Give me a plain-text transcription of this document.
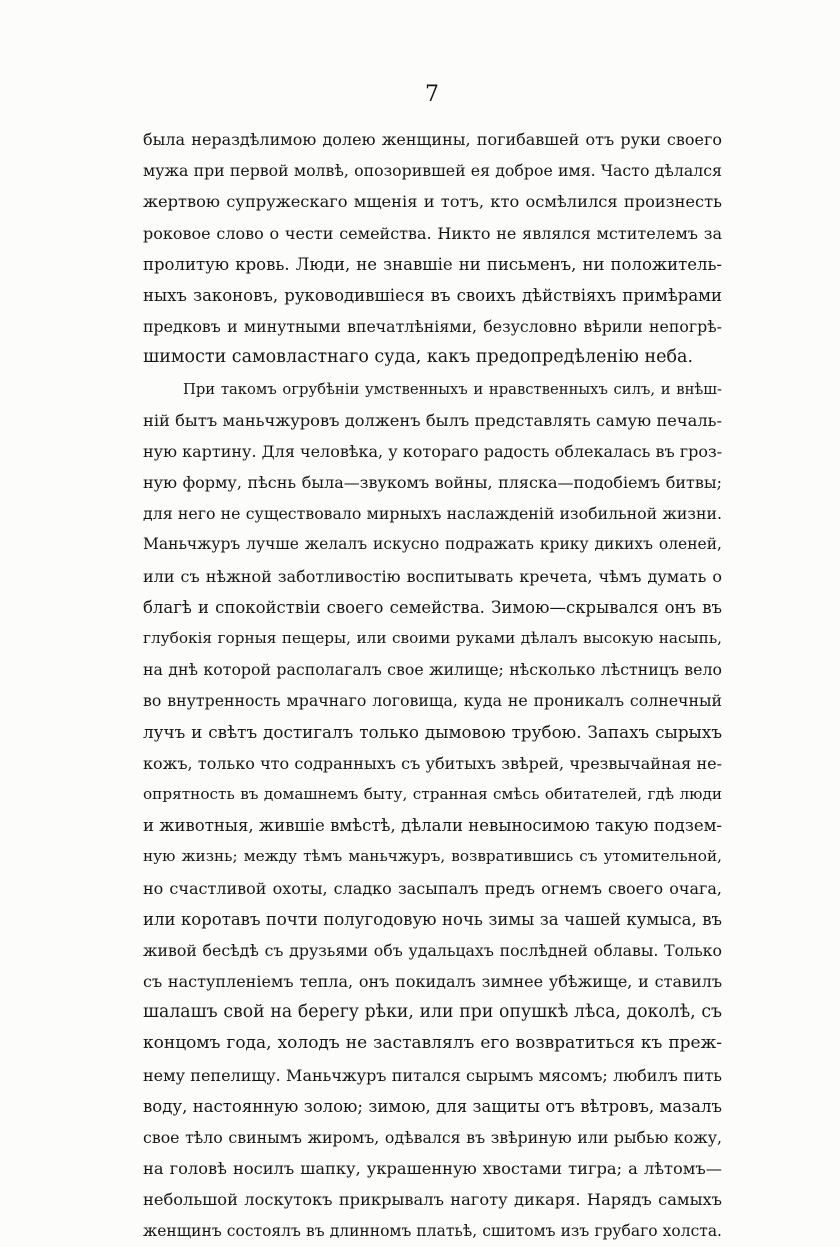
7
была нераздѣлимою долею женщины, погибавшей отъ руки своего
мужа при первой молвѣ, опозорившей ея доброе имя. Часто дѣлался
жертвою супружескаго мщенія и тотъ, кто осмѣлился произнесть
роковое слово о чести семейства. Никто не являлся мстителемъ за
пролитую кровь. Люди, не знавшіе ни письменъ, ни положитель-
ныхъ законовъ, руководившіеся въ своихъ дѣйствіяхъ примѣрами
предковъ и минутными впечатлѣніями, безусловно вѣрили непогрѣ-
шимости самовластнаго суда, какъ предопредѣленію неба.
При такомъ огрубѣніи умственныхъ и нравственныхъ силъ, и внѣш-
ній бытъ маньчжуровъ долженъ былъ представлять самую печаль-
ную картину. Для человѣка, у котораго радость облекалась въ гроз-
ную форму, пѣснь была—звукомъ войны, пляска—подобіемъ битвы;
для него не существовало мирныхъ наслажденій изобильной жизни.
Маньчжуръ лучше желалъ искусно подражать крику дикихъ оленей,
или съ нѣжной заботливостію воспитывать кречета, чѣмъ думать о
благѣ и спокойствіи своего семейства. Зимою—скрывался онъ въ
глубокія горныя пещеры, или своими руками дѣлалъ высокую насыпь,
на днѣ которой располагалъ свое жилище; нѣсколько лѣстницъ вело
во внутренность мрачнаго логовища, куда не проникалъ солнечный
лучъ и свѣтъ достигалъ только дымовою трубою. Запахъ сырыхъ
кожъ, только что содранныхъ съ убитыхъ звѣрей, чрезвычайная не-
опрятность въ домашнемъ быту, странная смѣсь обитателей, гдѣ люди
и животныя, жившіе вмѣстѣ, дѣлали невыносимою такую подзем-
ную жизнь; между тѣмъ маньчжуръ, возвратившись съ утомительной,
но счастливой охоты, сладко засыпалъ предъ огнемъ своего очага,
или коротавъ почти полугодовую ночь зимы за чашей кумыса, въ
живой бесѣдѣ съ друзьями объ удальцахъ послѣдней облавы. Только
съ наступленіемъ тепла, онъ покидалъ зимнее убѣжище, и ставилъ
шалашъ свой на берегу рѣки, или при опушкѣ лѣса, доколѣ, съ
концомъ года, холодъ не заставлялъ его возвратиться къ преж-
нему пепелищу. Маньчжуръ питался сырымъ мясомъ; любилъ пить
воду, настоянную золою; зимою, для защиты отъ вѣтровъ, мазалъ
свое тѣло свинымъ жиромъ, одѣвался въ звѣриную или рыбью кожу,
на головѣ носилъ шапку, украшенную хвостами тигра; а лѣтомъ—
небольшой лоскутокъ прикрывалъ наготу дикаря. Нарядъ самыхъ
женщинъ состоялъ въ длинномъ платьѣ, сшитомъ изъ грубаго холста.
